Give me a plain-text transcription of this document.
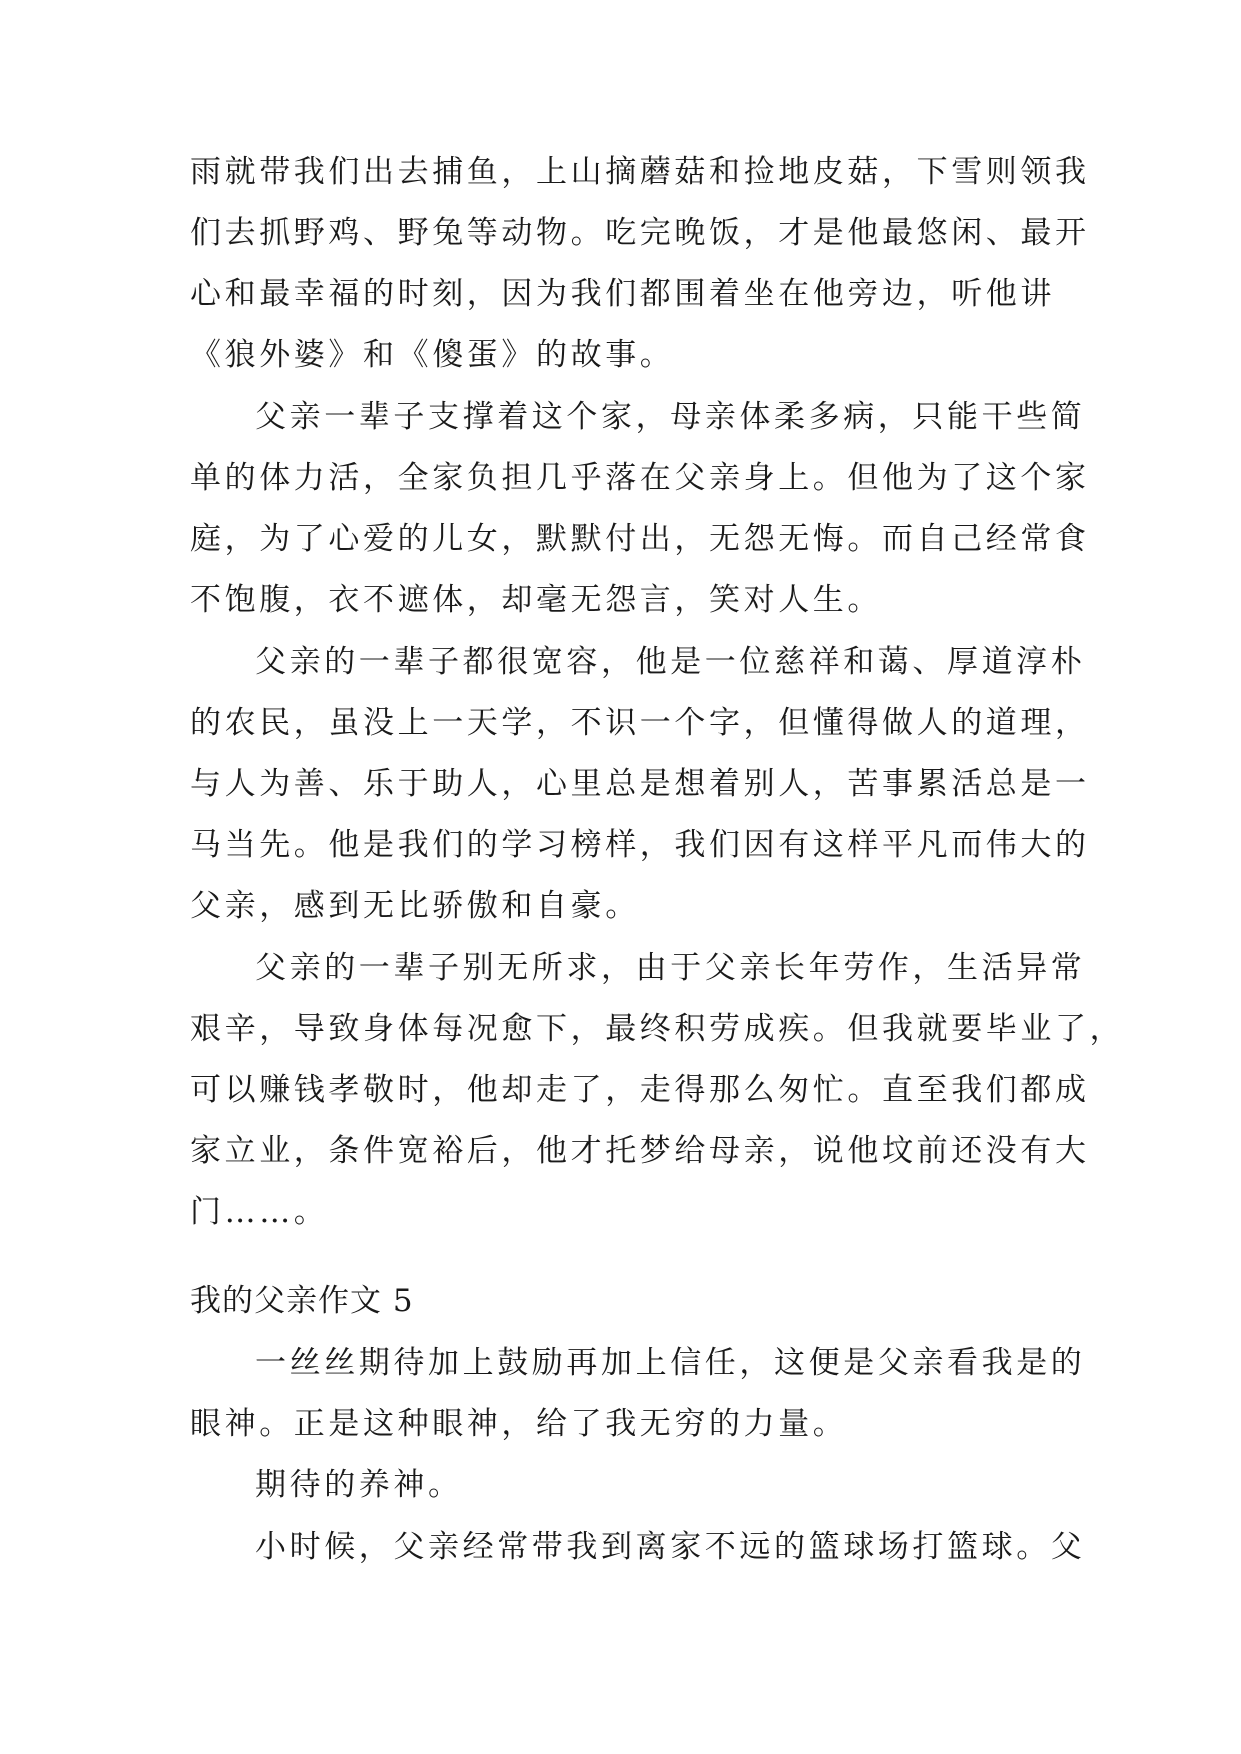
雨就带我们出去捕鱼，上山摘蘑菇和捡地皮菇，下雪则领我
们去抓野鸡、野兔等动物。吃完晚饭，才是他最悠闲、最开
心和最幸福的时刻，因为我们都围着坐在他旁边，听他讲
《狼外婆》和《傻蛋》的故事。
父亲一辈子支撑着这个家，母亲体柔多病，只能干些简
单的体力活，全家负担几乎落在父亲身上。但他为了这个家
庭，为了心爱的儿女，默默付出，无怨无悔。而自己经常食
不饱腹，衣不遮体，却毫无怨言，笑对人生。
父亲的一辈子都很宽容，他是一位慈祥和蔼、厚道淳朴
的农民，虽没上一天学，不识一个字，但懂得做人的道理，
与人为善、乐于助人，心里总是想着别人，苦事累活总是一
马当先。他是我们的学习榜样，我们因有这样平凡而伟大的
父亲，感到无比骄傲和自豪。
父亲的一辈子别无所求，由于父亲长年劳作，生活异常
艰辛，导致身体每况愈下，最终积劳成疾。但我就要毕业了，
可以赚钱孝敬时，他却走了，走得那么匆忙。直至我们都成
家立业，条件宽裕后，他才托梦给母亲，说他坟前还没有大
门……。
我的父亲作文 5
一丝丝期待加上鼓励再加上信任，这便是父亲看我是的
眼神。正是这种眼神，给了我无穷的力量。
期待的养神。
小时候，父亲经常带我到离家不远的篮球场打篮球。父
